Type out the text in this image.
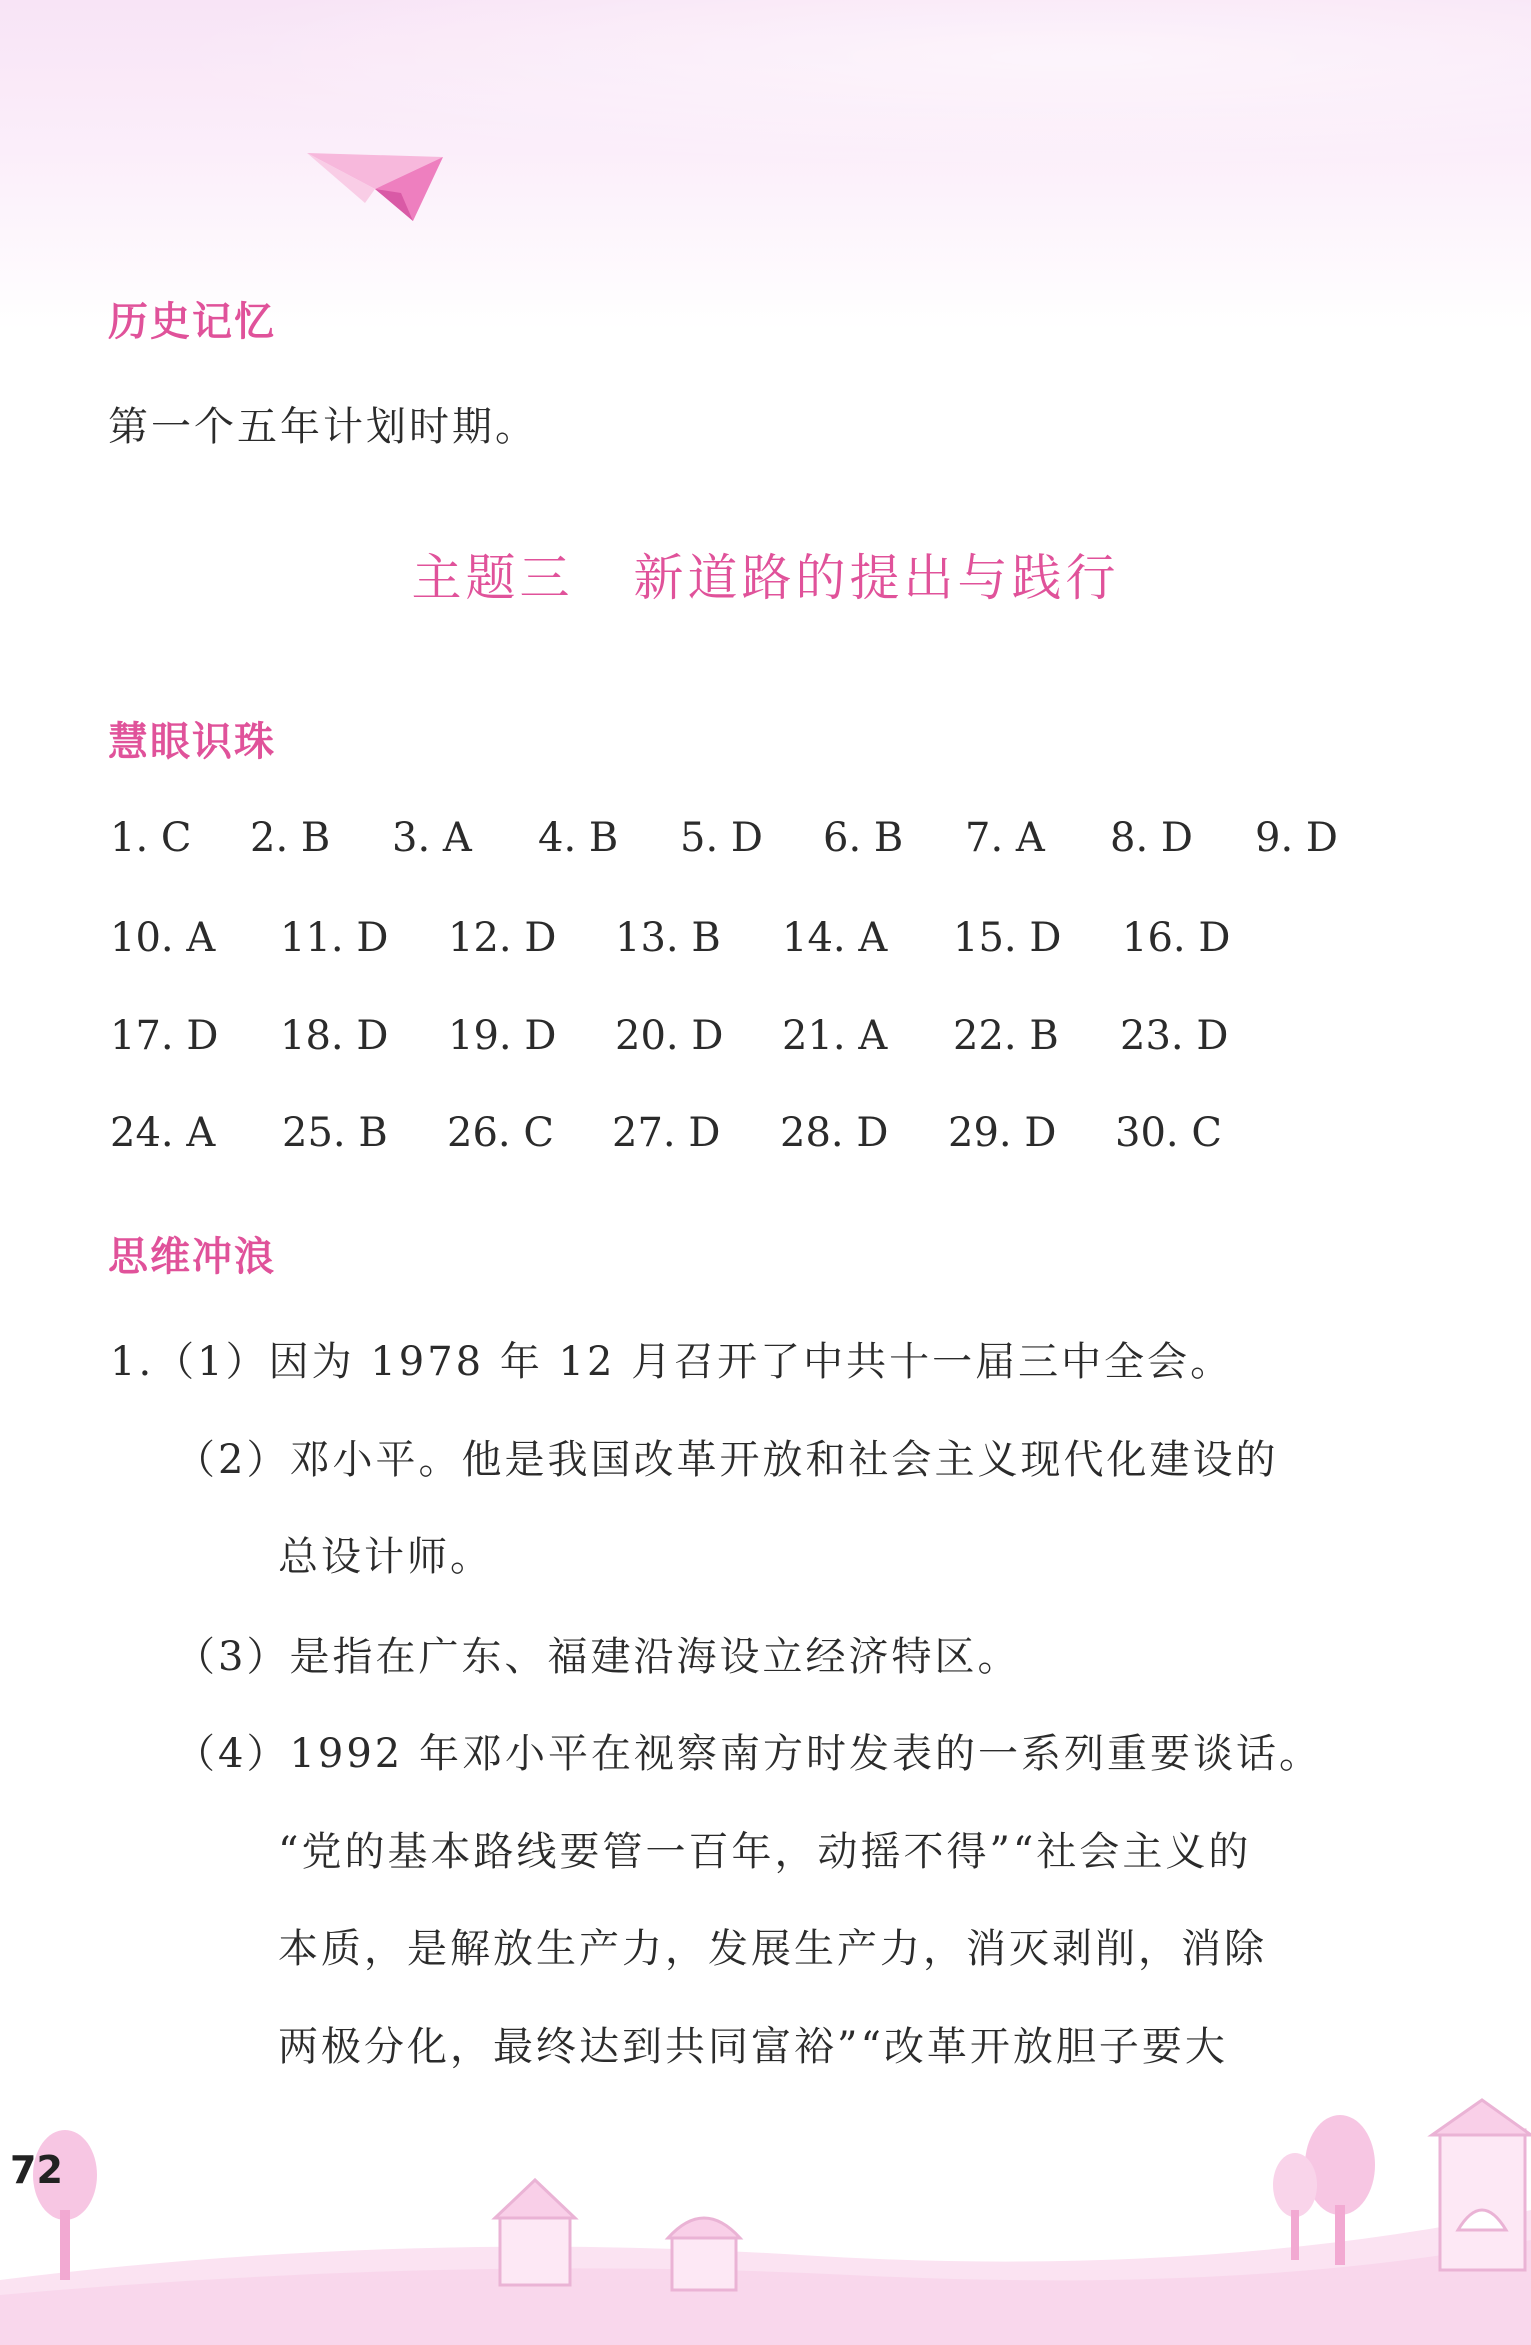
历史记忆
第一个五年计划时期。
主题三 新道路的提出与践行
慧眼识珠
1. C 2. B 3. A 4. B 5. D 6. B 7. A 8. D 9. D
10. A 11. D 12. D 13. B 14. A 15. D 16. D
17. D 18. D 19. D 20. D 21. A 22. B 23. D
24. A 25. B 26. C 27. D 28. D 29. D 30. C
思维冲浪
1.（1）因为 1978 年 12 月召开了中共十一届三中全会。
（2）邓小平。他是我国改革开放和社会主义现代化建设的
总设计师。
（3）是指在广东、福建沿海设立经济特区。
（4）1992 年邓小平在视察南方时发表的一系列重要谈话。
“党的基本路线要管一百年，动摇不得”“社会主义的
本质，是解放生产力，发展生产力，消灭剥削，消除
两极分化，最终达到共同富裕”“改革开放胆子要大
72
